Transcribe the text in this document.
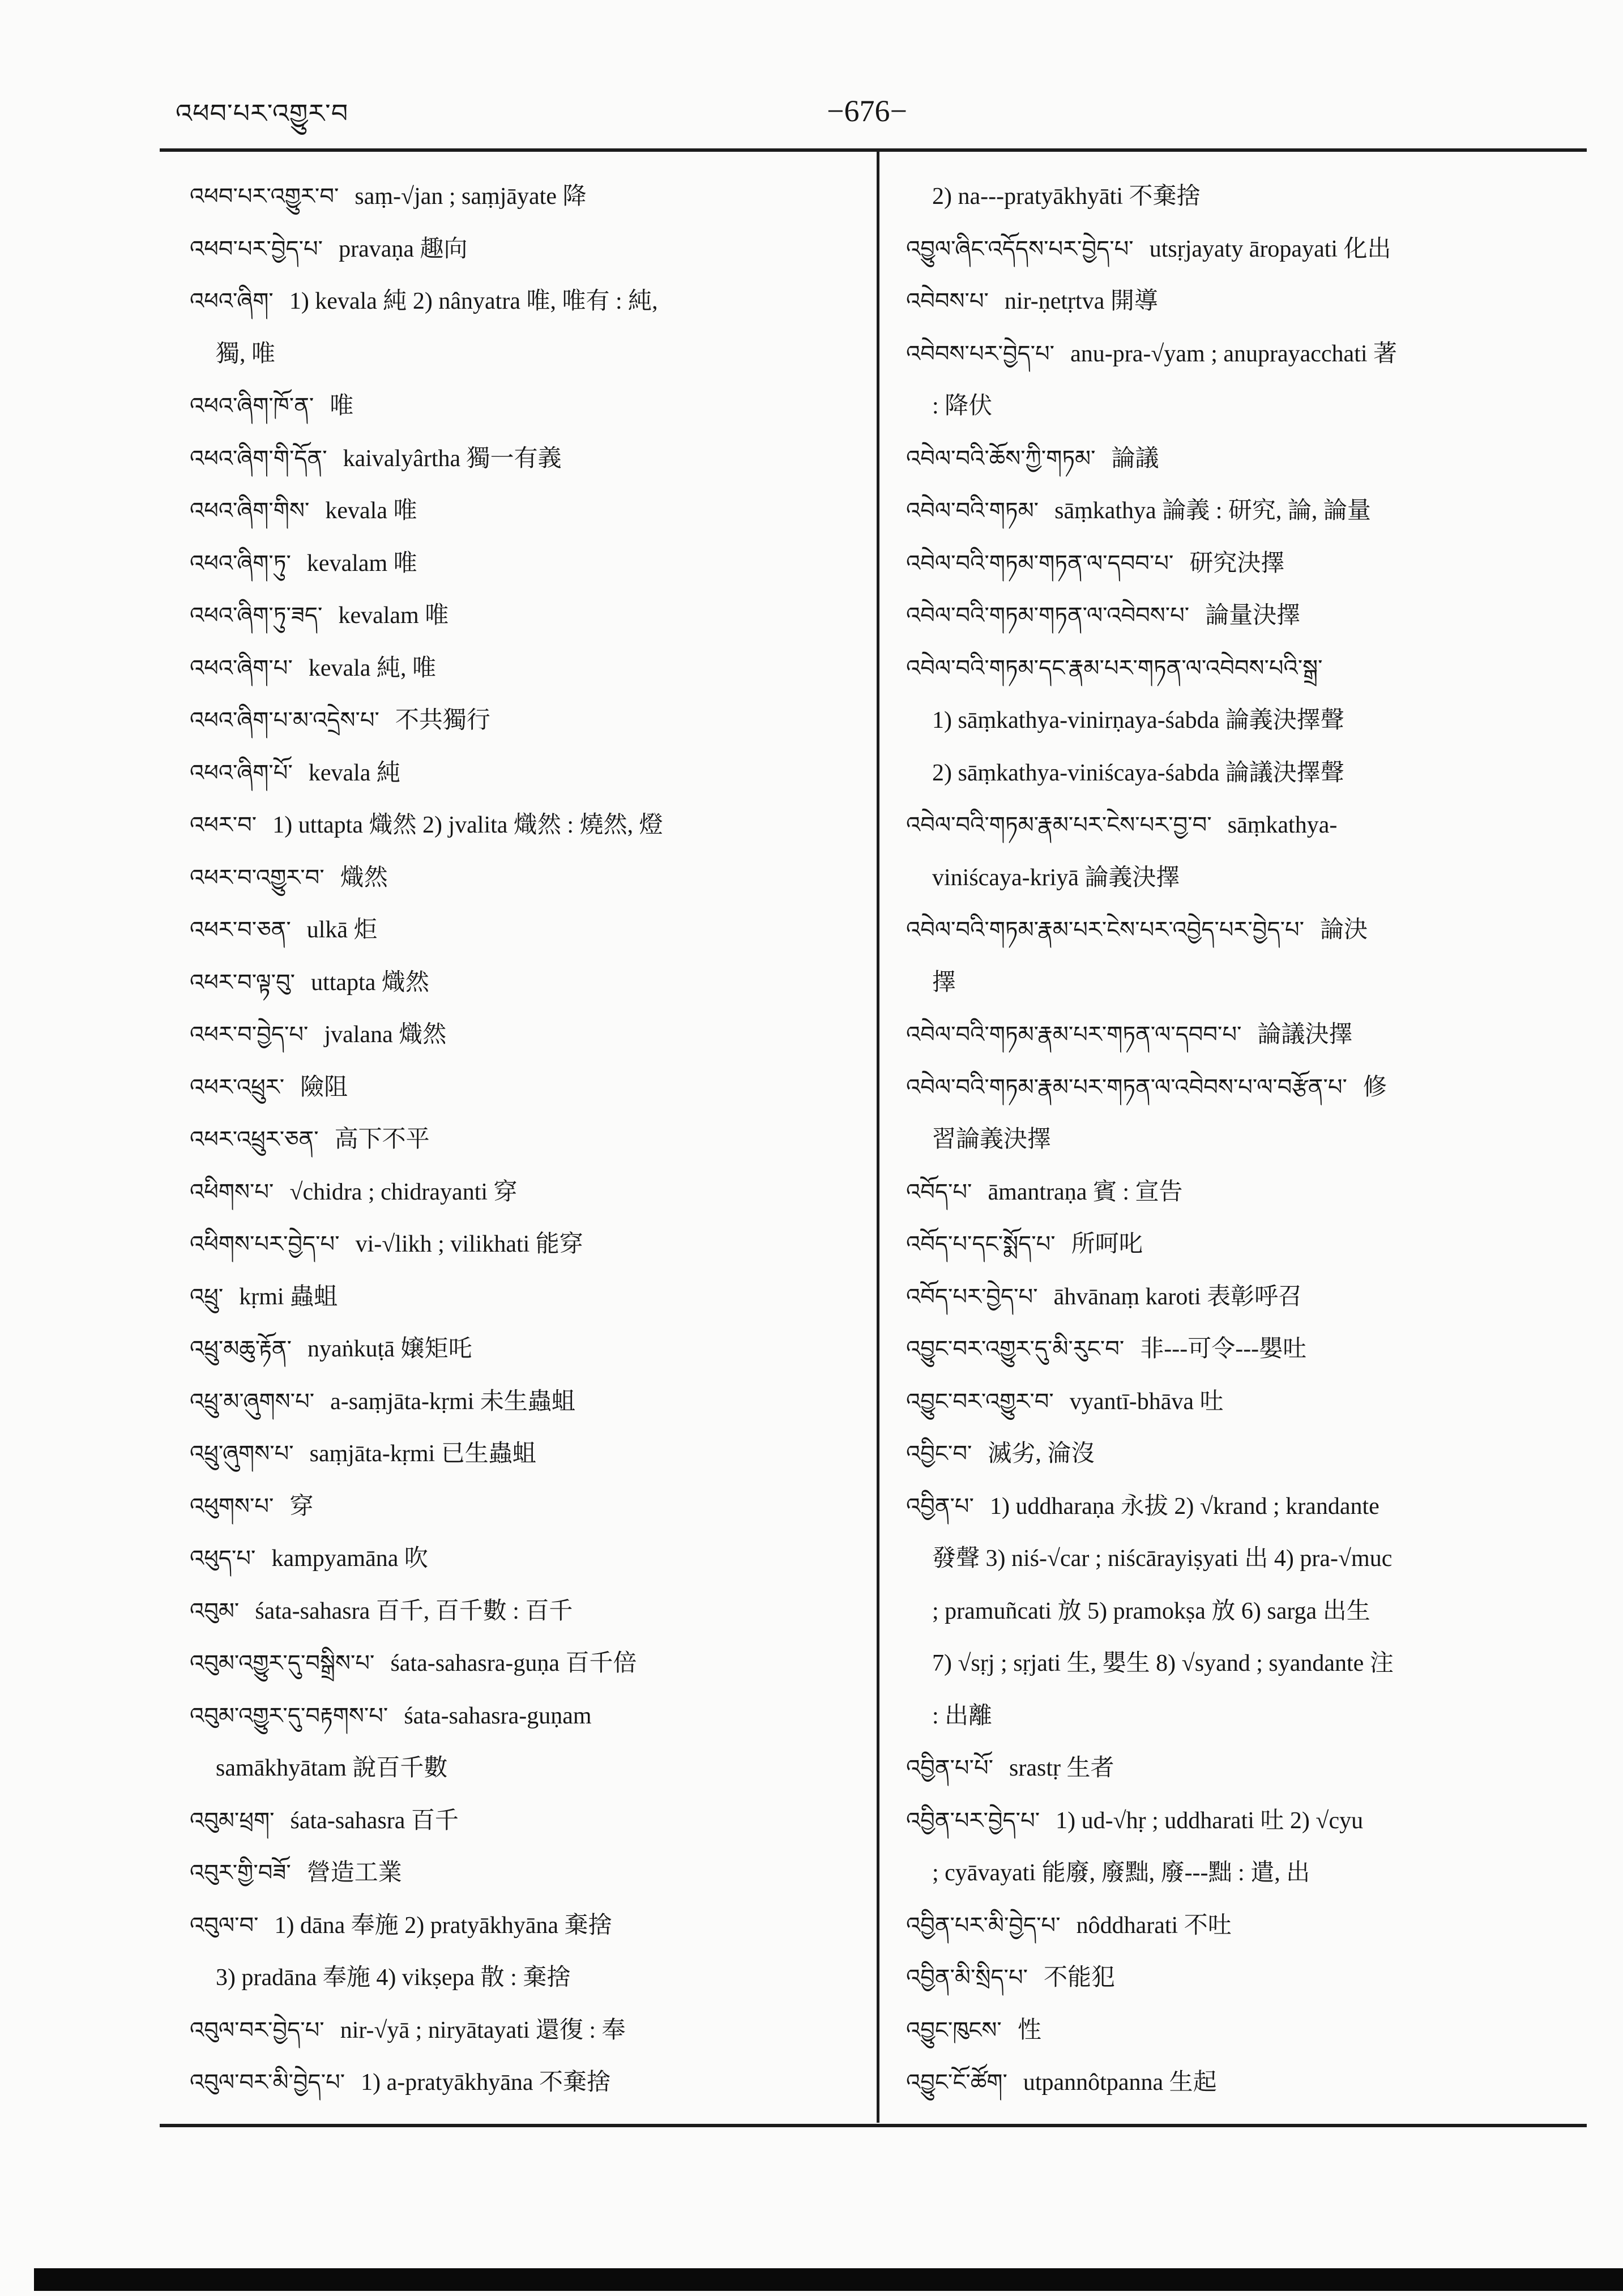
འཕབ་པར་འགྱུར་བ	−676−
འཕབ་པར་འགྱུར་བ་ saṃ-√jan ; saṃjāyate 降
འཕབ་པར་བྱེད་པ་ pravaṇa 趣向
འཕའ་ཞིག་ 1) kevala 純 2) nânyatra 唯, 唯有 : 純,
獨, 唯
འཕའ་ཞིག་ཁོ་ན་ 唯
འཕའ་ཞིག་གི་དོན་ kaivalyârtha 獨一有義
འཕའ་ཞིག་གིས་ kevala 唯
འཕའ་ཞིག་ཏུ་ kevalam 唯
འཕའ་ཞིག་ཏུ་ཟད་ kevalam 唯
འཕའ་ཞིག་པ་ kevala 純, 唯
འཕའ་ཞིག་པ་མ་འདྲེས་པ་ 不共獨行
འཕའ་ཞིག་པོ་ kevala 純
འཕར་བ་ 1) uttapta 熾然 2) jvalita 熾然 : 燒然, 燈
འཕར་བ་འགྱུར་བ་ 熾然
འཕར་བ་ཅན་ ulkā 炬
འཕར་བ་ལྟ་བུ་ uttapta 熾然
འཕར་བ་བྱེད་པ་ jvalana 熾然
འཕར་འཕྲུར་ 險阻
འཕར་འཕྲུར་ཅན་ 高下不平
འཕིགས་པ་ √chidra ; chidrayanti 穿
འཕིགས་པར་བྱེད་པ་ vi-√likh ; vilikhati 能穿
འཕྲུ་ kṛmi 蟲蛆
འཕྲུ་མཆུ་རྟོན་ nyaṅkuṭā 嬢矩吒
འཕྲུ་མ་ཞུགས་པ་ a-saṃjāta-kṛmi 未生蟲蛆
འཕྲུ་ཞུགས་པ་ saṃjāta-kṛmi 已生蟲蛆
འཕུགས་པ་ 穿
འཕུད་པ་ kampyamāna 吹
འབུམ་ śata-sahasra 百千, 百千數 : 百千
འབུམ་འགྱུར་དུ་བསྒྲིས་པ་ śata-sahasra-guṇa 百千倍
འབུམ་འགྱུར་དུ་བརྟགས་པ་ śata-sahasra-guṇam
samākhyātam 說百千數
འབུམ་ཕྲག་ śata-sahasra 百千
འབུར་གྱི་བཟོ་ 營造工業
འབུལ་བ་ 1) dāna 奉施 2) pratyākhyāna 棄捨
3) pradāna 奉施 4) vikṣepa 散 : 棄捨
འབུལ་བར་བྱེད་པ་ nir-√yā ; niryātayati 還復 : 奉
འབུལ་བར་མི་བྱེད་པ་ 1) a-pratyākhyāna 不棄捨
2) na---pratyākhyāti 不棄捨
འབྱུལ་ཞིང་འདོདས་པར་བྱེད་པ་ utsṛjayaty āropayati 化出
འབེབས་པ་ nir-ṇetṛtva 開導
འབེབས་པར་བྱེད་པ་ anu-pra-√yam ; anuprayacchati 著
: 降伏
འབེལ་བའི་ཆོས་ཀྱི་གཏམ་ 論議
འབེལ་བའི་གཏམ་ sāṃkathya 論義 : 研究, 論, 論量
འབེལ་བའི་གཏམ་གཏན་ལ་དབབ་པ་ 研究決擇
འབེལ་བའི་གཏམ་གཏན་ལ་འབེབས་པ་ 論量決擇
འབེལ་བའི་གཏམ་དང་རྣམ་པར་གཏན་ལ་འབེབས་པའི་སྒྲ་
1) sāṃkathya-vinirṇaya-śabda 論義決擇聲
2) sāṃkathya-viniścaya-śabda 論議決擇聲
འབེལ་བའི་གཏམ་རྣམ་པར་ངེས་པར་བྱ་བ་ sāṃkathya-
viniścaya-kriyā 論義決擇
འབེལ་བའི་གཏམ་རྣམ་པར་ངེས་པར་འབྱེད་པར་བྱེད་པ་ 論決
擇
འབེལ་བའི་གཏམ་རྣམ་པར་གཏན་ལ་དབབ་པ་ 論議決擇
འབེལ་བའི་གཏམ་རྣམ་པར་གཏན་ལ་འབེབས་པ་ལ་བརྩོན་པ་ 修
習論義決擇
འབོད་པ་ āmantraṇa 賓 : 宣告
འབོད་པ་དང་སྨོད་པ་ 所呵叱
འབོད་པར་བྱེད་པ་ āhvānaṃ karoti 表彰呼召
འབྱུང་བར་འགྱུར་དུ་མི་རུང་བ་ 非---可令---嬰吐
འབྱུང་བར་འགྱུར་བ་ vyantī-bhāva 吐
འབྱིང་བ་ 滅劣, 淪沒
འབྱིན་པ་ 1) uddharaṇa 永拔 2) √krand ; krandante
發聲 3) niś-√car ; niścārayiṣyati 出 4) pra-√muc
; pramuñcati 放 5) pramokṣa 放 6) sarga 出生
7) √sṛj ; sṛjati 生, 嬰生 8) √syand ; syandante 注
: 出離
འབྱིན་པ་པོ་ srastṛ 生者
འབྱིན་པར་བྱེད་པ་ 1) ud-√hṛ ; uddharati 吐 2) √cyu
; cyāvayati 能廢, 廢黜, 廢---黜 : 遣, 出
འབྱིན་པར་མི་བྱེད་པ་ nôddharati 不吐
འབྱིན་མི་སྲིད་པ་ 不能犯
འབྱུང་ཁུངས་ 性
འབྱུང་ངོ་ཚོག་ utpannôtpanna 生起
